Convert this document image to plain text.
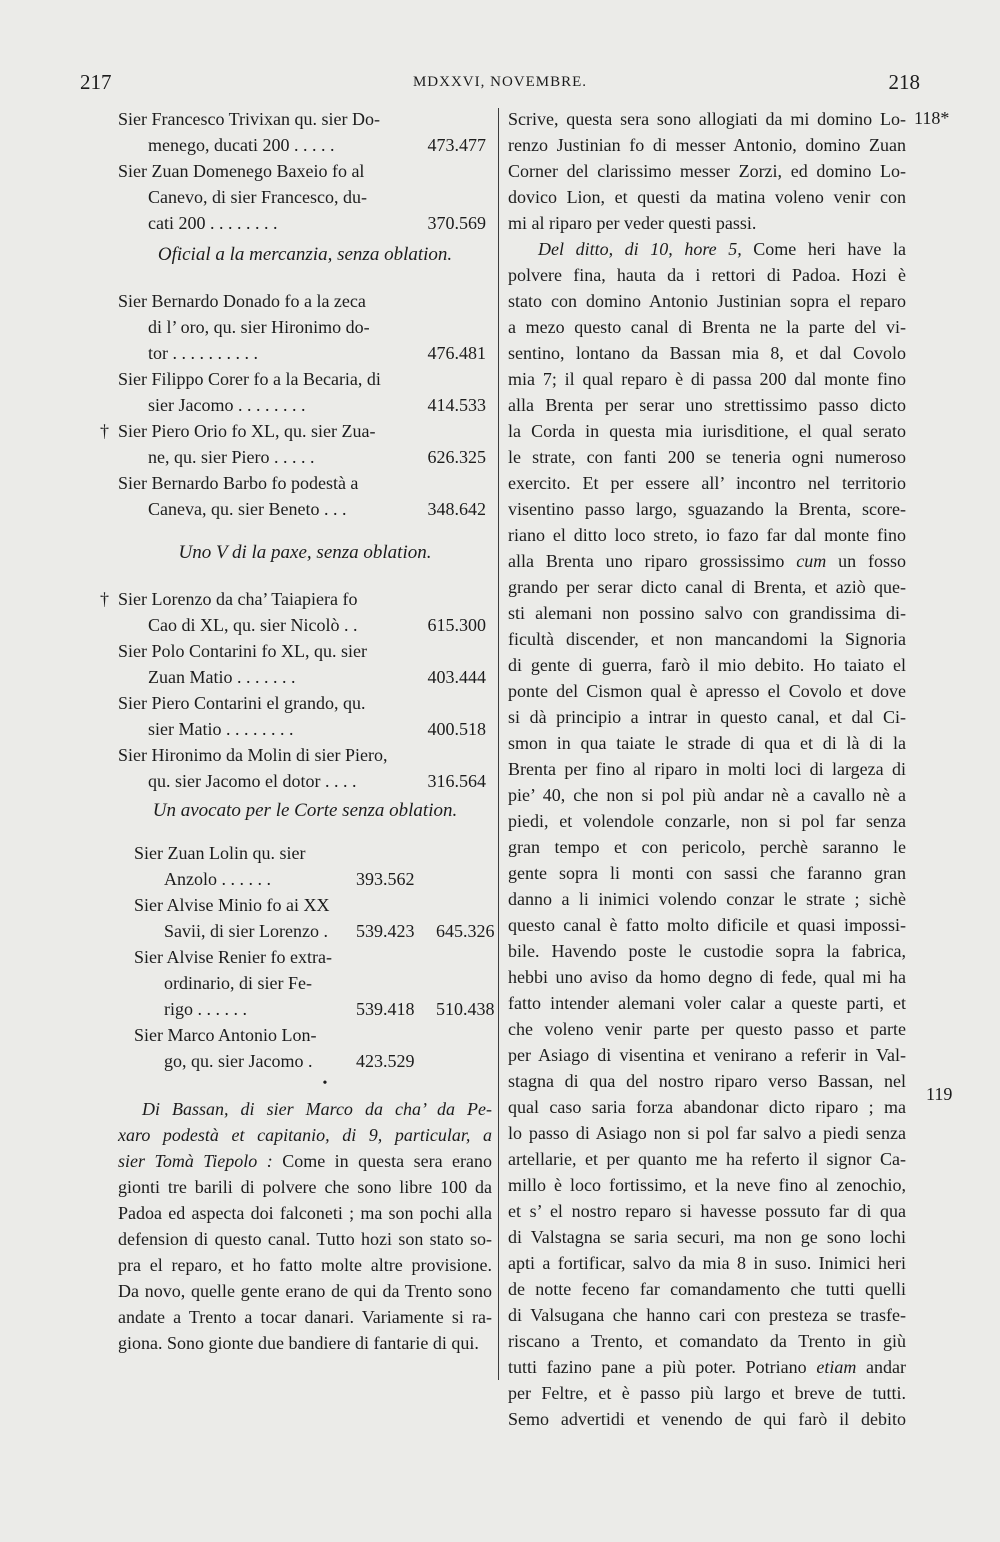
217	MDXXVI, NOVEMBRE.	218
118*
119
Sier Francesco Trivixan qu. sier Do-
menego, ducati 200 . . . . .	473.477
Sier Zuan Domenego Baxeio fo al
Canevo, di sier Francesco, du-
cati 200 . . . . . . . .	370.569
Oficial a la mercanzia, senza oblation.
Sier Bernardo Donado fo a la zeca
di l’ oro, qu. sier Hironimo do-
tor . . . . . . . . . .	476.481
Sier Filippo Corer fo a la Becaria, di
sier Jacomo . . . . . . . .	414.533
† Sier Piero Orio fo XL, qu. sier Zua-
ne, qu. sier Piero . . . . .	626.325
Sier Bernardo Barbo fo podestà a
Caneva, qu. sier Beneto . . .	348.642
Uno V di la paxe, senza oblation.
† Sier Lorenzo da cha’ Taiapiera fo
Cao di XL, qu. sier Nicolò . .	615.300
Sier Polo Contarini fo XL, qu. sier
Zuan Matio . . . . . . .	403.444
Sier Piero Contarini el grando, qu.
sier Matio . . . . . . . .	400.518
Sier Hironimo da Molin di sier Piero,
qu. sier Jacomo el dotor . . . .	316.564
Un avocato per le Corte senza oblation.
Sier Zuan Lolin qu. sier
Anzolo . . . . . .	393.562
Sier Alvise Minio fo ai XX
Savii, di sier Lorenzo . 539.423 645.326
Sier Alvise Renier fo extra-
ordinario, di sier Fe-
rigo . . . . . .	539.418 510.438
Sier Marco Antonio Lon-
go, qu. sier Jacomo . 423.529
•
Di Bassan, di sier Marco da cha’ da Pe-
xaro podestà et capitanio, di 9, particular, a
sier Tomà Tiepolo : Come in questa sera erano
gionti tre barili di polvere che sono libre 100 da
Padoa ed aspecta doi falconeti ; ma son pochi alla
defension di questo canal. Tutto hozi son stato so-
pra el reparo, et ho fatto molte altre provisione.
Da novo, quelle gente erano de qui da Trento sono
andate a Trento a tocar danari. Variamente si ra-
giona. Sono gionte due bandiere di fantarie di qui.
Scrive, questa sera sono allogiati da mi domino Lo-
renzo Justinian fo di messer Antonio, domino Zuan
Corner del clarissimo messer Zorzi, ed domino Lo-
dovico Lion, et questi da matina voleno venir con
mi al riparo per veder questi passi.
Del ditto, di 10, hore 5, Come heri have la
polvere fina, hauta da i rettori di Padoa. Hozi è
stato con domino Antonio Justinian sopra el reparo
a mezo questo canal di Brenta ne la parte del vi-
sentino, lontano da Bassan mia 8, et dal Covolo
mia 7; il qual reparo è di passa 200 dal monte fino
alla Brenta per serar uno strettissimo passo dicto
la Corda in questa mia iurisditione, el qual serato
le strate, con fanti 200 se teneria ogni numeroso
exercito. Et per essere all’ incontro nel territorio
visentino passo largo, sguazando la Brenta, score-
riano el ditto loco streto, io fazo far dal monte fino
alla Brenta uno riparo grossissimo cum un fosso
grando per serar dicto canal di Brenta, et aziò que-
sti alemani non possino salvo con grandissima di-
ficultà discender, et non mancandomi la Signoria
di gente di guerra, farò il mio debito. Ho taiato el
ponte del Cismon qual è apresso el Covolo et dove
si dà principio a intrar in questo canal, et dal Ci-
smon in qua taiate le strade di qua et di là di la
Brenta per fino al riparo in molti loci di largeza di
pie’ 40, che non si pol più andar nè a cavallo nè a
piedi, et volendole conzarle, non si pol far senza
gran tempo et con pericolo, perchè saranno le
gente sopra li monti con sassi che faranno gran
danno a li inimici volendo conzar le strate ; sichè
questo canal è fatto molto dificile et quasi impossi-
bile. Havendo poste le custodie sopra la fabrica,
hebbi uno aviso da homo degno di fede, qual mi ha
fatto intender alemani voler calar a queste parti, et
che voleno venir parte per questo passo et parte
per Asiago di visentina et venirano a referir in Val-
stagna di qua del nostro riparo verso Bassan, nel
qual caso saria forza abandonar dicto riparo ; ma
lo passo di Asiago non si pol far salvo a piedi senza
artellarie, et per quanto me ha referto il signor Ca-
millo è loco fortissimo, et la neve fino al zenochio,
et s’ el nostro reparo si havesse possuto far di qua
di Valstagna se saria securi, ma non ge sono lochi
apti a fortificar, salvo da mia 8 in suso. Inimici heri
de notte feceno far comandamento che tutti quelli
di Valsugana che hanno cari con presteza se trasfe-
riscano a Trento, et comandato da Trento in giù
tutti fazino pane a più poter. Potriano etiam andar
per Feltre, et è passo più largo et breve de tutti.
Semo advertidi et venendo de qui farò il debito
